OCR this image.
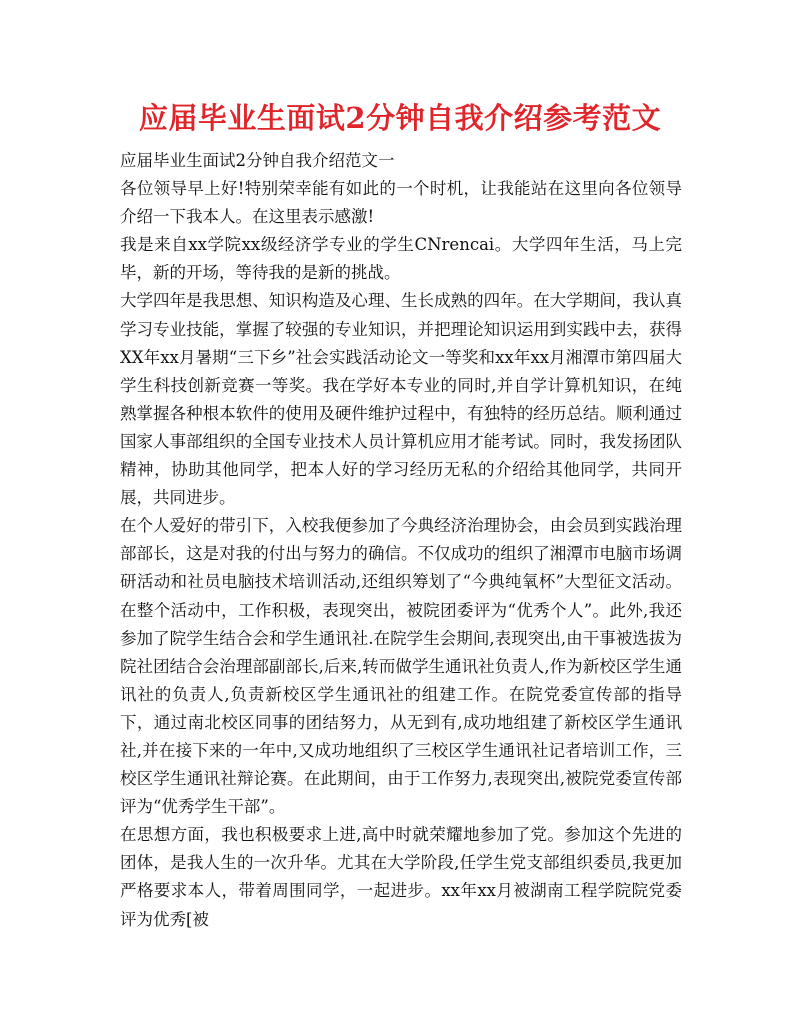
应届毕业生面试2分钟自我介绍参考范文

应届毕业生面试2分钟自我介绍范文一

各位领导早上好!特别荣幸能有如此的一个时机，让我能站在这里向各位领导介绍一下我本人。在这里表示感激!

我是来自xx学院xx级经济学专业的学生CNrencai。大学四年生活，马上完毕，新的开场，等待我的是新的挑战。

大学四年是我思想、知识构造及心理、生长成熟的四年。在大学期间，我认真学习专业技能，掌握了较强的专业知识，并把理论知识运用到实践中去，获得XX年xx月暑期“三下乡”社会实践活动论文一等奖和xx年xx月湘潭市第四届大学生科技创新竞赛一等奖。我在学好本专业的同时,并自学计算机知识，在纯熟掌握各种根本软件的使用及硬件维护过程中，有独特的经历总结。顺利通过国家人事部组织的全国专业技术人员计算机应用才能考试。同时，我发扬团队精神，协助其他同学，把本人好的学习经历无私的介绍给其他同学，共同开展，共同进步。

在个人爱好的带引下，入校我便参加了今典经济治理协会，由会员到实践治理部部长，这是对我的付出与努力的确信。不仅成功的组织了湘潭市电脑市场调研活动和社员电脑技术培训活动,还组织筹划了“今典纯氧杯”大型征文活动。在整个活动中，工作积极，表现突出，被院团委评为“优秀个人”。此外,我还参加了院学生结合会和学生通讯社.在院学生会期间,表现突出,由干事被选拔为院社团结合会治理部副部长,后来,转而做学生通讯社负责人,作为新校区学生通讯社的负责人,负责新校区学生通讯社的组建工作。在院党委宣传部的指导下，通过南北校区同事的团结努力，从无到有,成功地组建了新校区学生通讯社,并在接下来的一年中,又成功地组织了三校区学生通讯社记者培训工作，三校区学生通讯社辩论赛。在此期间，由于工作努力,表现突出,被院党委宣传部评为“优秀学生干部”。

在思想方面，我也积极要求上进,高中时就荣耀地参加了党。参加这个先进的团体，是我人生的一次升华。尤其在大学阶段,任学生党支部组织委员,我更加严格要求本人，带着周围同学，一起进步。xx年xx月被湖南工程学院院党委评为优秀[被
